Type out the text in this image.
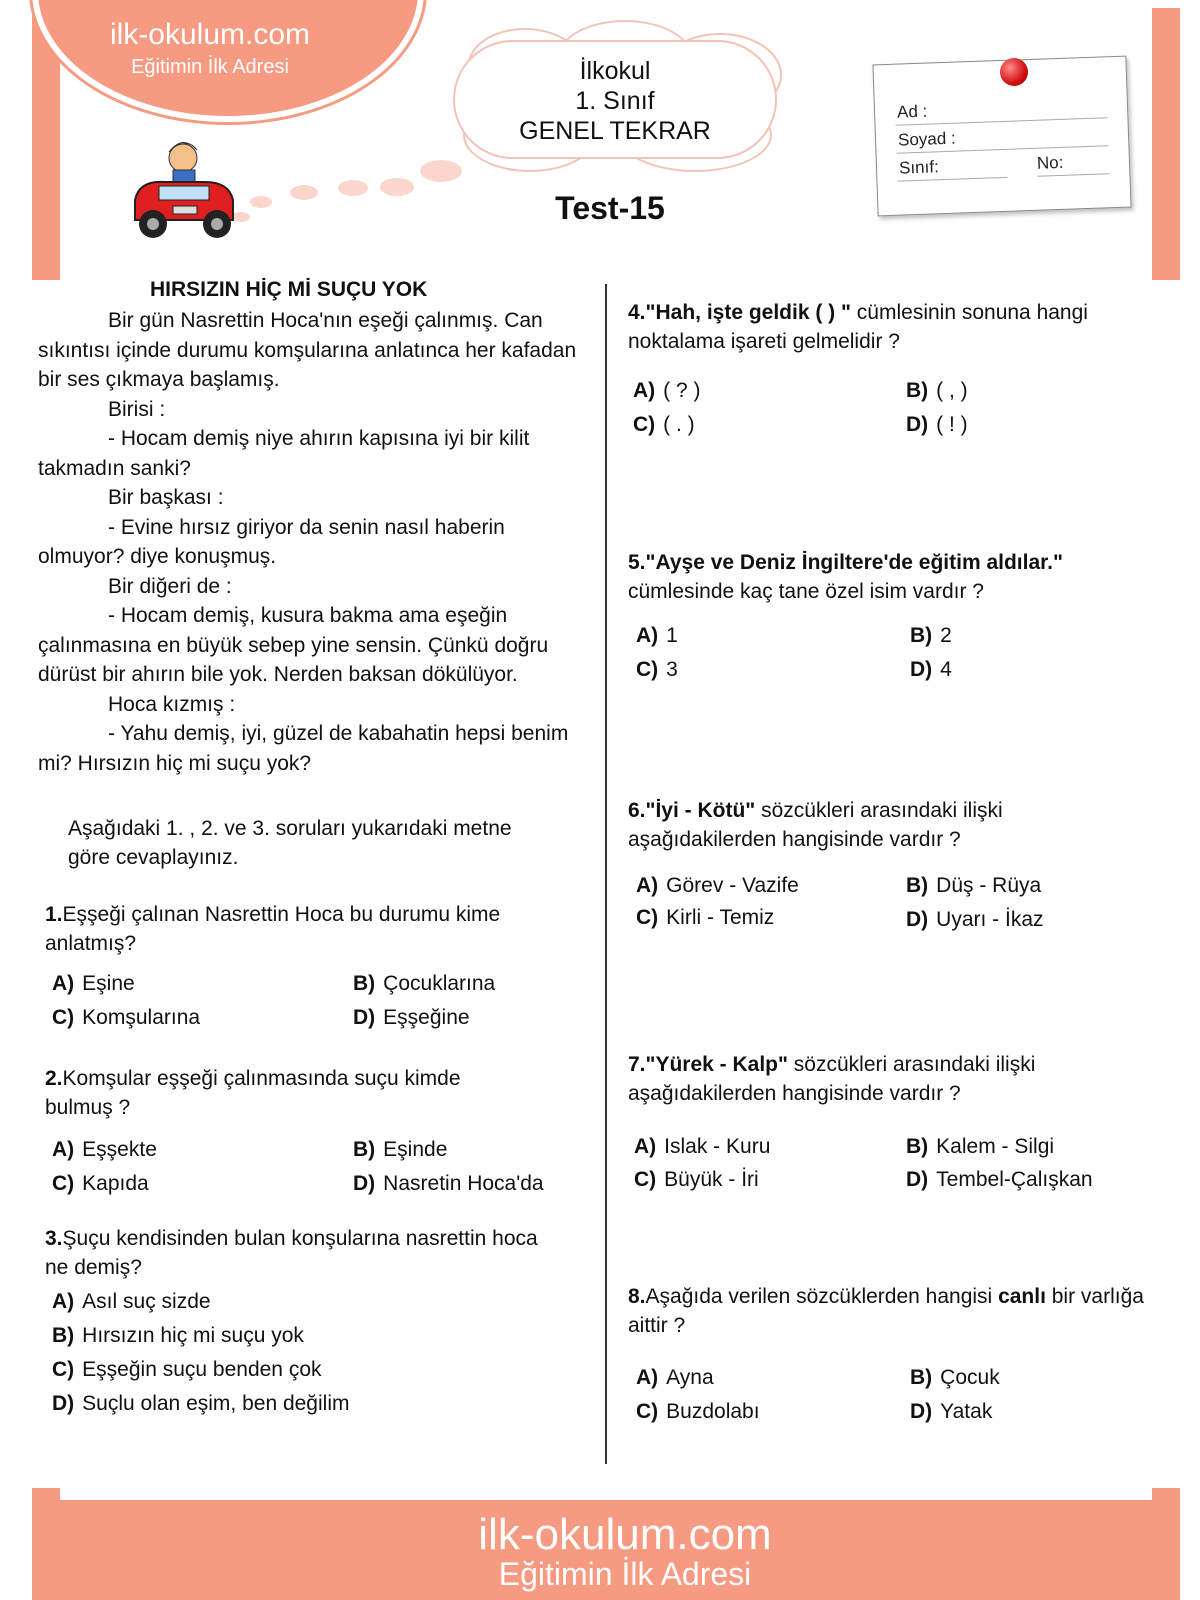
ilk-okulum.com
Eğitimin İlk Adresi	İlkokul
1. Sınıf
GENEL TEKRAR
Test-15
Ad :
Soyad :
Sınıf:	No:
HIRSIZIN HİÇ Mİ SUÇU YOK

Bir gün Nasrettin Hoca'nın eşeği çalınmış. Can sıkıntısı içinde durumu komşularına anlatınca her kafadan bir ses çıkmaya başlamış.

Birisi :

- Hocam demiş niye ahırın kapısına iyi bir kilit takmadın sanki?

Bir başkası :

- Evine hırsız giriyor da senin nasıl haberin olmuyor? diye konuşmuş.

Bir diğeri de :

- Hocam demiş, kusura bakma ama eşeğin çalınmasına en büyük sebep yine sensin. Çünkü doğru dürüst bir ahırın bile yok. Nerden baksan dökülüyor.

Hoca kızmış :

- Yahu demiş, iyi, güzel de kabahatin hepsi benim mi? Hırsızın hiç mi suçu yok?

Aşağıdaki 1. , 2. ve 3. soruları yukarıdaki metne göre cevaplayınız.
1.Eşşeği çalınan Nasrettin Hoca bu durumu kime anlatmış?
A) Eşine	B) Çocuklarına
C) Komşularına	D) Eşşeğine
2.Komşular eşşeği çalınmasında suçu kimde bulmuş ?
A) Eşşekte	B) Eşinde
C) Kapıda	D) Nasretin Hoca'da
3.Şuçu kendisinden bulan konşularına nasrettin hoca ne demiş?
A) Asıl suç sizde
B) Hırsızın hiç mi suçu yok
C) Eşşeğin suçu benden çok
D) Suçlu olan eşim, ben değilim
4."Hah, işte geldik ( ) " cümlesinin sonuna hangi noktalama işareti gelmelidir ?
A) ( ? )	B) ( , )
C) ( . )	D) ( ! )
5."Ayşe ve Deniz İngiltere'de eğitim aldılar." cümlesinde kaç tane özel isim vardır ?
A) 1	B) 2
C) 3	D) 4
6."İyi - Kötü" sözcükleri arasındaki ilişki aşağıdakilerden hangisinde vardır ?
A) Görev - Vazife	B) Düş - Rüya
C) Kirli - Temiz	D) Uyarı - İkaz
7."Yürek - Kalp" sözcükleri arasındaki ilişki aşağıdakilerden hangisinde vardır ?
A) Islak - Kuru	B) Kalem - Silgi
C) Büyük - İri	D) Tembel-Çalışkan
8.Aşağıda verilen sözcüklerden hangisi canlı bir varlığa aittir ?
A) Ayna	B) Çocuk
C) Buzdolabı	D) Yatak
ilk-okulum.com
Eğitimin İlk Adresi
